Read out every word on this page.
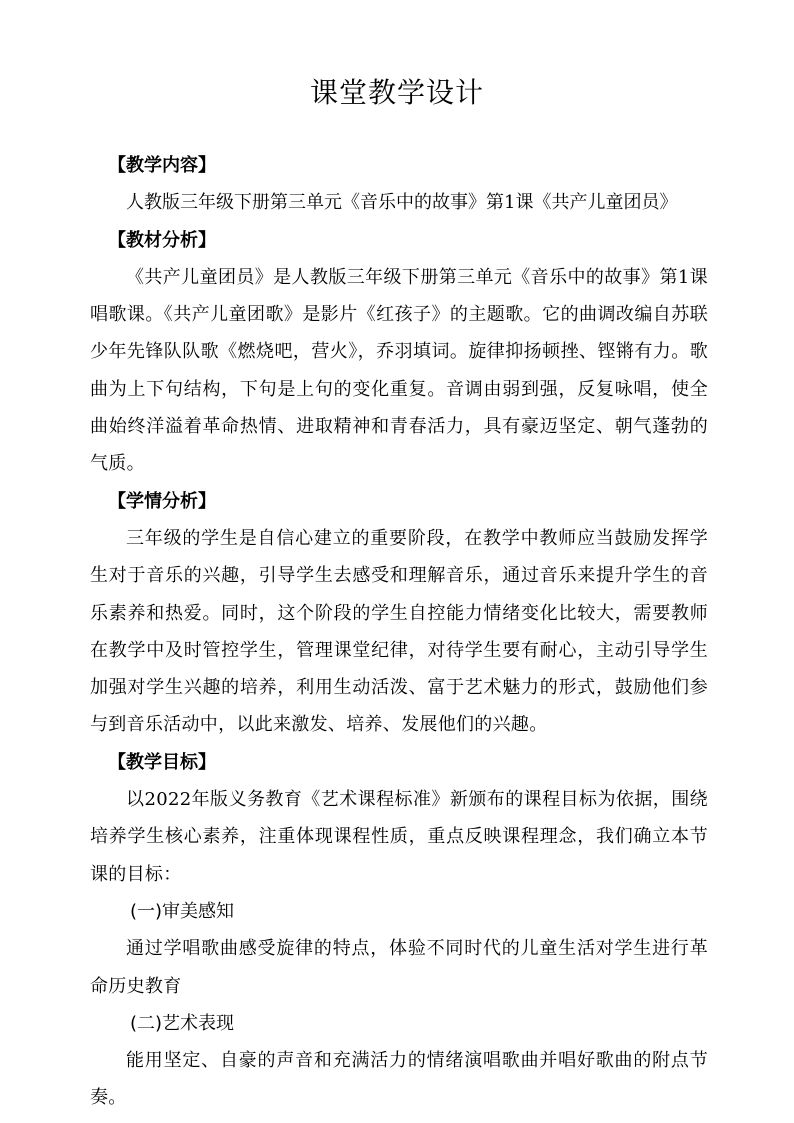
课堂教学设计

【教学内容】

人教版三年级下册第三单元《音乐中的故事》第1课《共产儿童团员》

【教材分析】

《共产儿童团员》是人教版三年级下册第三单元《音乐中的故事》第1课唱歌课。《共产儿童团歌》是影片《红孩子》的主题歌。它的曲调改编自苏联少年先锋队队歌《燃烧吧，营火》，乔羽填词。旋律抑扬顿挫、铿锵有力。歌曲为上下句结构，下句是上句的变化重复。音调由弱到强，反复咏唱，使全曲始终洋溢着革命热情、进取精神和青春活力，具有豪迈坚定、朝气蓬勃的气质。

【学情分析】

三年级的学生是自信心建立的重要阶段，在教学中教师应当鼓励发挥学生对于音乐的兴趣，引导学生去感受和理解音乐，通过音乐来提升学生的音乐素养和热爱。同时，这个阶段的学生自控能力情绪变化比较大，需要教师在教学中及时管控学生，管理课堂纪律，对待学生要有耐心，主动引导学生加强对学生兴趣的培养，利用生动活泼、富于艺术魅力的形式，鼓励他们参与到音乐活动中，以此来激发、培养、发展他们的兴趣。

【教学目标】

以2022年版义务教育《艺术课程标准》新颁布的课程目标为依据，围绕培养学生核心素养，注重体现课程性质，重点反映课程理念，我们确立本节课的目标：

(一)审美感知

通过学唱歌曲感受旋律的特点，体验不同时代的儿童生活对学生进行革命历史教育

(二)艺术表现

能用坚定、自豪的声音和充满活力的情绪演唱歌曲并唱好歌曲的附点节奏。
